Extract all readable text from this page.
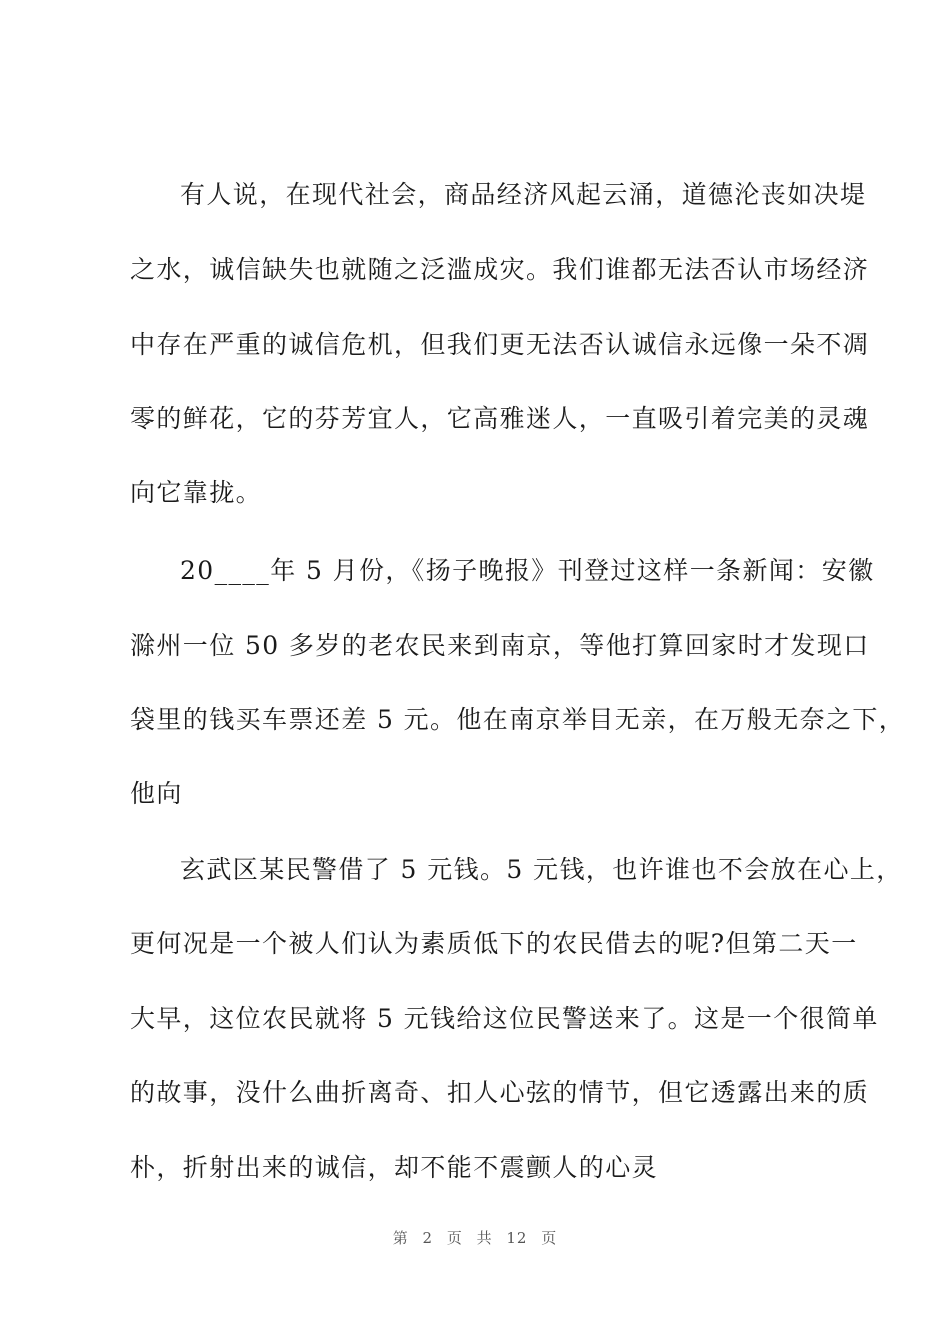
有人说，在现代社会，商品经济风起云涌，道德沦丧如决堤
之水，诚信缺失也就随之泛滥成灾。我们谁都无法否认市场经济
中存在严重的诚信危机，但我们更无法否认诚信永远像一朵不凋
零的鲜花，它的芬芳宜人，它高雅迷人，一直吸引着完美的灵魂
向它靠拢。
20____年 5 月份，《扬子晚报》刊登过这样一条新闻：安徽
滁州一位 50 多岁的老农民来到南京，等他打算回家时才发现口
袋里的钱买车票还差 5 元。他在南京举目无亲，在万般无奈之下，
他向
玄武区某民警借了 5 元钱。5 元钱，也许谁也不会放在心上，
更何况是一个被人们认为素质低下的农民借去的呢?但第二天一
大早，这位农民就将 5 元钱给这位民警送来了。这是一个很简单
的故事，没什么曲折离奇、扣人心弦的情节，但它透露出来的质
朴，折射出来的诚信，却不能不震颤人的心灵
第 2 页 共 12 页
